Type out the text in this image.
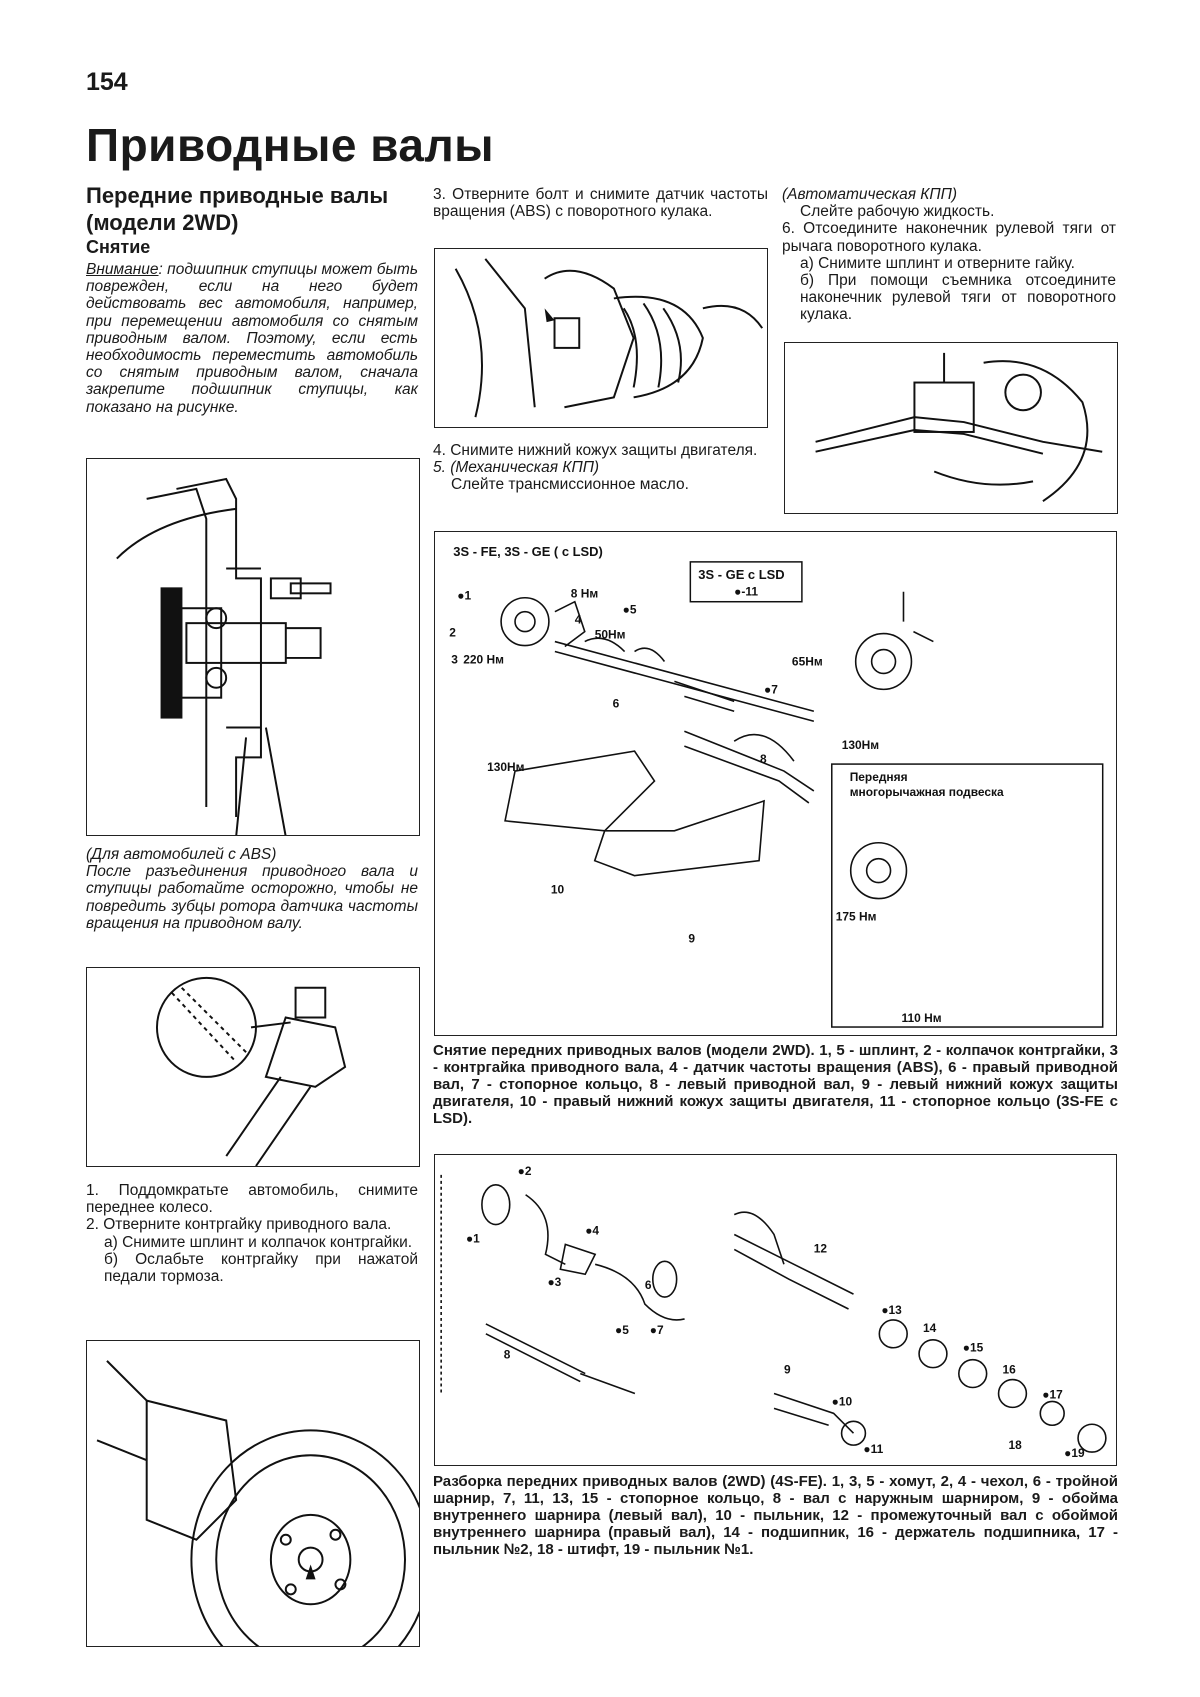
154
Приводные валы
Передние приводные валы (модели 2WD)
Снятие
Внимание: подшипник ступицы может быть поврежден, если на него будет действовать вес автомобиля, например, при перемещении автомобиля со снятым приводным валом. Поэтому, если есть необходимость переместить автомобиль со снятым приводным валом, сначала закрепите подшипник ступицы, как показано на рисунке.
(Для автомобилей с ABS)
После разъединения приводного вала и ступицы работайте осторожно, чтобы не повредить зубцы ротора датчика частоты вращения на приводном валу.
1. Поддомкратьте автомобиль, снимите переднее колесо.
2. Отверните контргайку приводного вала.
а) Снимите шплинт и колпачок контргайки.
б) Ослабьте контргайку при нажатой педали тормоза.
3. Отверните болт и снимите датчик частоты вращения (ABS) с поворотного кулака.
4. Снимите нижний кожух защиты двигателя.
5. (Механическая КПП)
Слейте трансмиссионное масло.
(Автоматическая КПП)
Слейте рабочую жидкость.
6. Отсоедините наконечник рулевой тяги от рычага поворотного кулака.
а) Снимите шплинт и отверните гайку.
б) При помощи съемника отсоедините наконечник рулевой тяги от поворотного кулака.
3S - FE, 3S - GE ( с LSD)
3S - GE с LSD
●-11
Передняя
многорычажная подвеска
●1
2
3 220 Нм
8 Нм
4
●5
50Нм
65Нм
●7
6
8
130Нм
130Нм
10
9
175 Нм
110 Нм
Снятие передних приводных валов (модели 2WD). 1, 5 - шплинт, 2 - колпачок контргайки, 3 - контргайка приводного вала, 4 - датчик частоты вращения (ABS), 6 - правый приводной вал, 7 - стопорное кольцо, 8 - левый приводной вал, 9 - левый нижний кожух защиты двигателя, 10 - правый нижний кожух защиты двигателя, 11 - стопорное кольцо (3S-FE с LSD).
●2
●1
●3
●4
●5
6
●7
8
9
●10
●11
12
●13
14
●15
16
●17
18
●19
Разборка передних приводных валов (2WD) (4S-FE). 1, 3, 5 - хомут, 2, 4 - чехол, 6 - тройной шарнир, 7, 11, 13, 15 - стопорное кольцо, 8 - вал с наружным шарниром, 9 - обойма внутреннего шарнира (левый вал), 10 - пыльник, 12 - промежуточный вал с обоймой внутреннего шарнира (правый вал), 14 - подшипник, 16 - держатель подшипника, 17 - пыльник №2, 18 - штифт, 19 - пыльник №1.
